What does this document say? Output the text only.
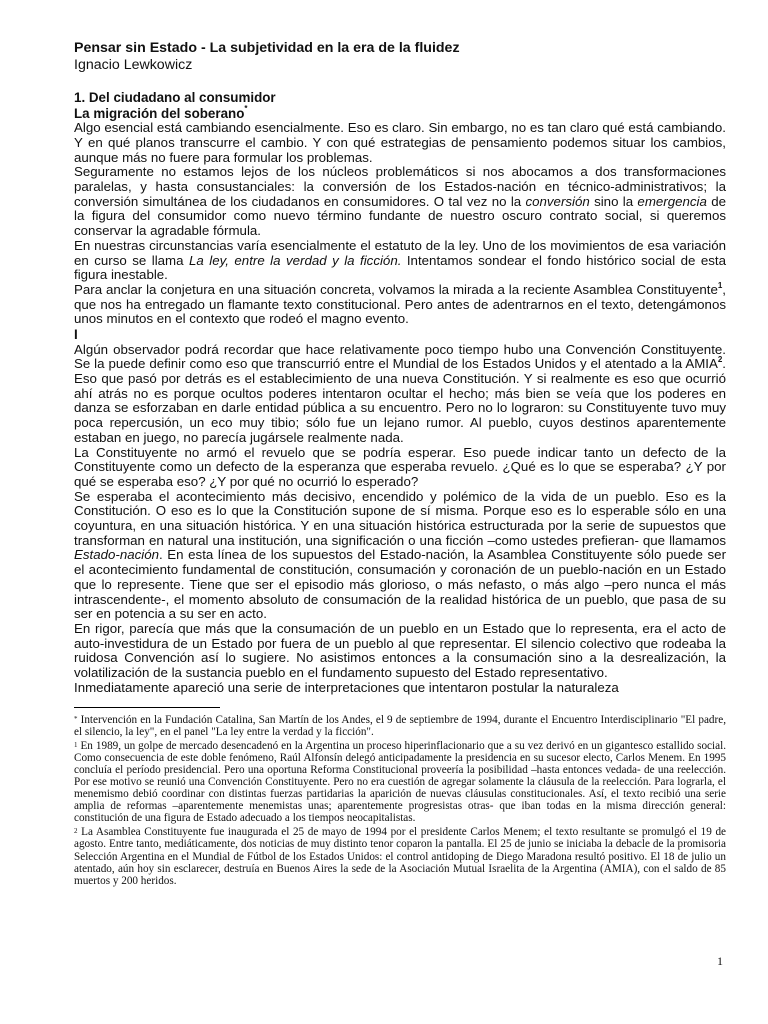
Pensar sin Estado - La subjetividad en la era de la fluidez
Ignacio Lewkowicz
1. Del ciudadano al consumidor
La migración del soberano*
Algo esencial está cambiando esencialmente. Eso es claro. Sin embargo, no es tan claro qué está cambiando. Y en qué planos transcurre el cambio. Y con qué estrategias de pensamiento podemos situar los cambios, aunque más no fuere para formular los problemas.
Seguramente no estamos lejos de los núcleos problemáticos si nos abocamos a dos transformaciones paralelas, y hasta consustanciales: la conversión de los Estados-nación en técnico-administrativos; la conversión simultánea de los ciudadanos en consumidores. O tal vez no la conversión sino la emergencia de la figura del consumidor como nuevo término fundante de nuestro oscuro contrato social, si queremos conservar la agradable fórmula.
En nuestras circunstancias varía esencialmente el estatuto de la ley. Uno de los movimientos de esa variación en curso se llama La ley, entre la verdad y la ficción. Intentamos sondear el fondo histórico social de esta figura inestable.
Para anclar la conjetura en una situación concreta, volvamos la mirada a la reciente Asamblea Constituyente$^1$, que nos ha entregado un flamante texto constitucional. Pero antes de adentrarnos en el texto, detengámonos unos minutos en el contexto que rodeó el magno evento.
I
Algún observador podrá recordar que hace relativamente poco tiempo hubo una Convención Constituyente. Se la puede definir como eso que transcurrió entre el Mundial de los Estados Unidos y el atentado a la AMIA$^2$. Eso que pasó por detrás es el establecimiento de una nueva Constitución. Y si realmente es eso que ocurrió ahí atrás no es porque ocultos poderes intentaron ocultar el hecho; más bien se veía que los poderes en danza se esforzaban en darle entidad pública a su encuentro. Pero no lo lograron: su Constituyente tuvo muy poca repercusión, un eco muy tibio; sólo fue un lejano rumor. Al pueblo, cuyos destinos aparentemente estaban en juego, no parecía jugársele realmente nada.
La Constituyente no armó el revuelo que se podría esperar. Eso puede indicar tanto un defecto de la Constituyente como un defecto de la esperanza que esperaba revuelo. ¿Qué es lo que se esperaba? ¿Y por qué se esperaba eso? ¿Y por qué no ocurrió lo esperado?
Se esperaba el acontecimiento más decisivo, encendido y polémico de la vida de un pueblo. Eso es la Constitución. O eso es lo que la Constitución supone de sí misma. Porque eso es lo esperable sólo en una coyuntura, en una situación histórica. Y en una situación histórica estructurada por la serie de supuestos que transforman en natural una institución, una significación o una ficción –como ustedes prefieran- que llamamos Estado-nación. En esta línea de los supuestos del Estado-nación, la Asamblea Constituyente sólo puede ser el acontecimiento fundamental de constitución, consumación y coronación de un pueblo-nación en un Estado que lo represente. Tiene que ser el episodio más glorioso, o más nefasto, o más algo –pero nunca el más intrascendente-, el momento absoluto de consumación de la realidad histórica de un pueblo, que pasa de su ser en potencia a su ser en acto.
En rigor, parecía que más que la consumación de un pueblo en un Estado que lo representa, era el acto de auto-investidura de un Estado por fuera de un pueblo al que representar. El silencio colectivo que rodeaba la ruidosa Convención así lo sugiere. No asistimos entonces a la consumación sino a la desrealización, la volatilización de la sustancia pueblo en el fundamento supuesto del Estado representativo.
Inmediatamente apareció una serie de interpretaciones que intentaron postular la naturaleza
* Intervención en la Fundación Catalina, San Martín de los Andes, el 9 de septiembre de 1994, durante el Encuentro Interdisciplinario "El padre, el silencio, la ley", en el panel "La ley entre la verdad y la ficción".
$^1$ En 1989, un golpe de mercado desencadenó en la Argentina un proceso hiperinflacionario que a su vez derivó en un gigantesco estallido social. Como consecuencia de este doble fenómeno, Raúl Alfonsín delegó anticipadamente la presidencia en su sucesor electo, Carlos Menem. En 1995 concluía el período presidencial. Pero una oportuna Reforma Constitucional proveería la posibilidad –hasta entonces vedada- de una reelección. Por ese motivo se reunió una Convención Constituyente. Pero no era cuestión de agregar solamente la cláusula de la reelección. Para lograrla, el menemismo debió coordinar con distintas fuerzas partidarias la aparición de nuevas cláusulas constitucionales. Así, el texto recibió una serie amplia de reformas –aparentemente menemistas unas; aparentemente progresistas otras- que iban todas en la misma dirección general: constitución de una figura de Estado adecuado a los tiempos neocapitalistas.
$^2$ La Asamblea Constituyente fue inaugurada el 25 de mayo de 1994 por el presidente Carlos Menem; el texto resultante se promulgó el 19 de agosto. Entre tanto, mediáticamente, dos noticias de muy distinto tenor coparon la pantalla. El 25 de junio se iniciaba la debacle de la promisoria Selección Argentina en el Mundial de Fútbol de los Estados Unidos: el control antidoping de Diego Maradona resultó positivo. El 18 de julio un atentado, aún hoy sin esclarecer, destruía en Buenos Aires la sede de la Asociación Mutual Israelita de la Argentina (AMIA), con el saldo de 85 muertos y 200 heridos.
1
